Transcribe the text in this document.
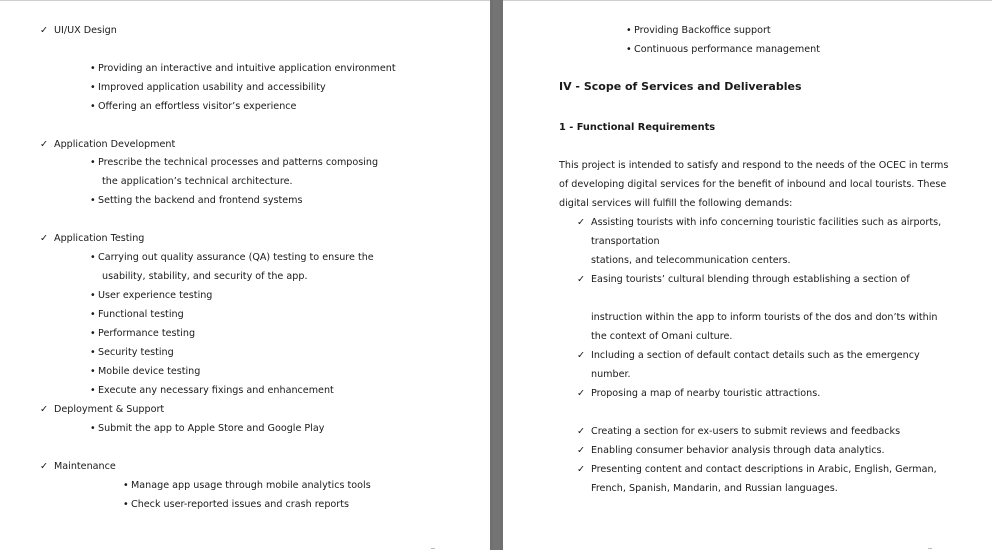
✓ UI/UX Design
• Providing an interactive and intuitive application environment
• Improved application usability and accessibility
• Offering an effortless visitor’s experience
✓ Application Development
• Prescribe the technical processes and patterns composing
the application’s technical architecture.
• Setting the backend and frontend systems
✓ Application Testing
• Carrying out quality assurance (QA) testing to ensure the
usability, stability, and security of the app.
• User experience testing
• Functional testing
• Performance testing
• Security testing
• Mobile device testing
• Execute any necessary fixings and enhancement
✓ Deployment & Support
• Submit the app to Apple Store and Google Play
✓ Maintenance
• Manage app usage through mobile analytics tools
• Check user-reported issues and crash reports
• Providing Backoffice support
• Continuous performance management
IV - Scope of Services and Deliverables
1 - Functional Requirements
This project is intended to satisfy and respond to the needs of the OCEC in terms
of developing digital services for the benefit of inbound and local tourists. These
digital services will fulfill the following demands:
✓ Assisting tourists with info concerning touristic facilities such as airports,
transportation
stations, and telecommunication centers.
✓ Easing tourists’ cultural blending through establishing a section of
instruction within the app to inform tourists of the dos and don’ts within
the context of Omani culture.
✓ Including a section of default contact details such as the emergency
number.
✓ Proposing a map of nearby touristic attractions.
✓ Creating a section for ex-users to submit reviews and feedbacks
✓ Enabling consumer behavior analysis through data analytics.
✓ Presenting content and contact descriptions in Arabic, English, German,
French, Spanish, Mandarin, and Russian languages.
